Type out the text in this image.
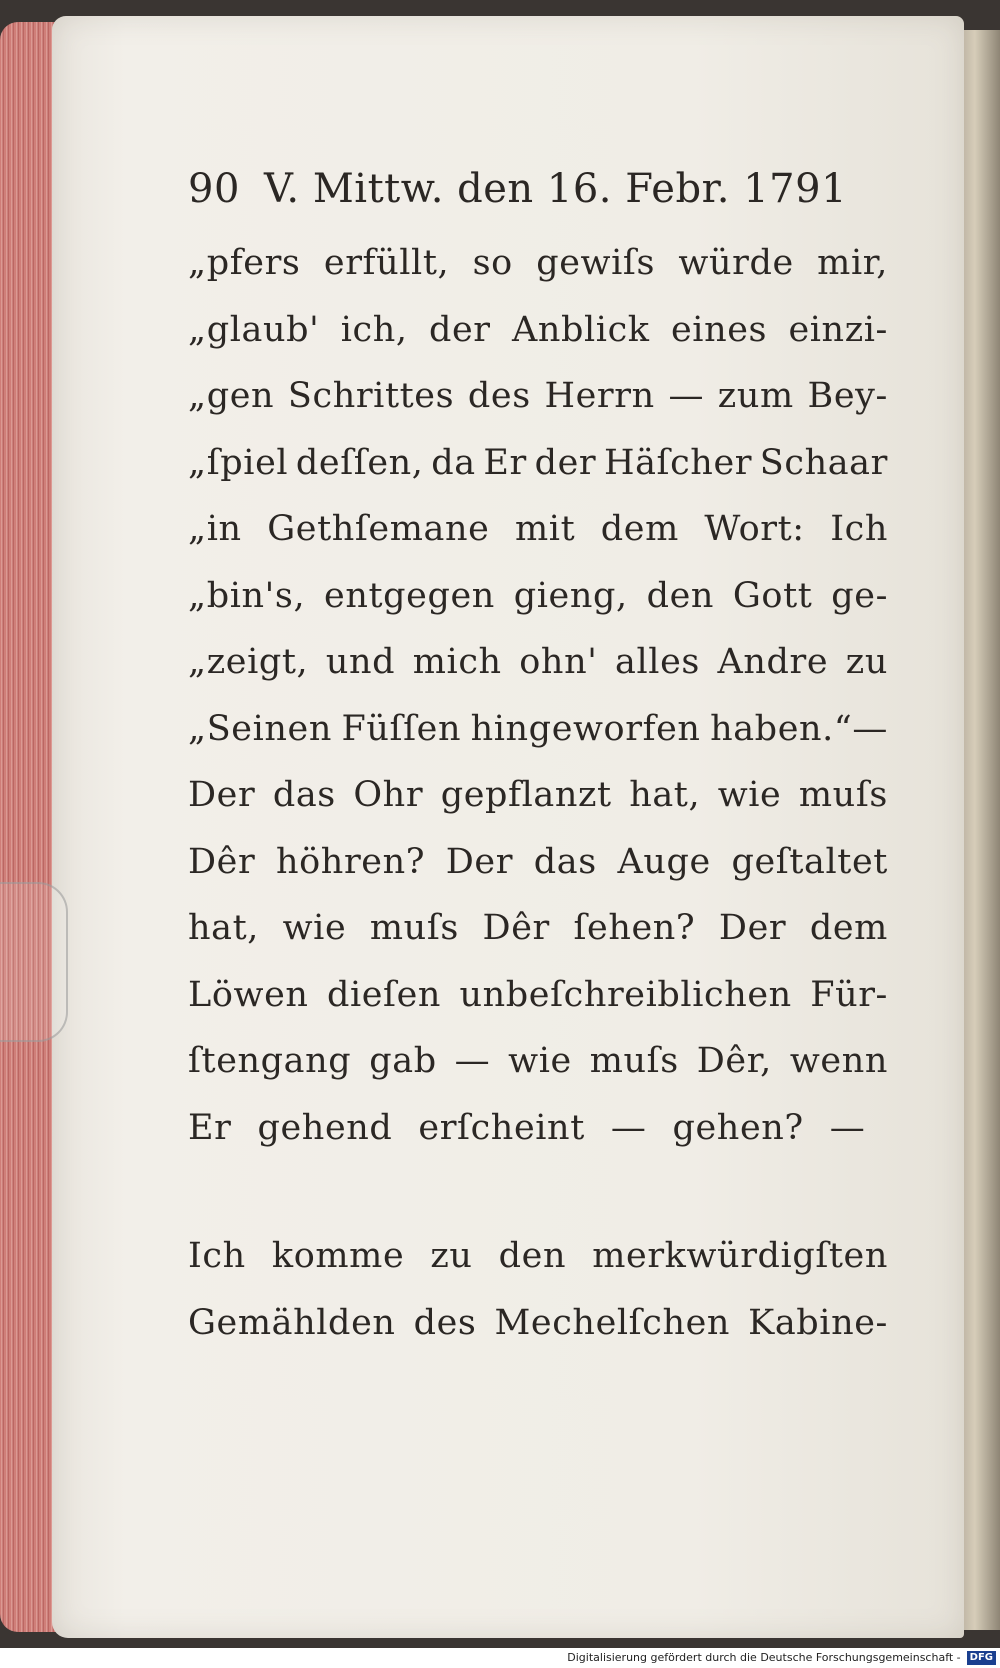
90 V. Mittw. den 16. Febr. 1791
„pfers erfüllt, so gewiſs würde mir,
„glaub' ich, der Anblick eines einzi-
„gen Schrittes des Herrn — zum Bey-
„ſpiel deſſen, da Er der Häſcher Schaar
„in Gethſemane mit dem Wort: Ich
„bin's, entgegen gieng, den Gott ge-
„zeigt, und mich ohn' alles Andre zu
„Seinen Füſſen hingeworfen haben.“—
Der das Ohr gepflanzt hat, wie muſs
Dêr höhren? Der das Auge geſtaltet
hat, wie muſs Dêr ſehen? Der dem
Löwen dieſen unbeſchreiblichen Für-
ſtengang gab — wie muſs Dêr, wenn
Er gehend erſcheint — gehen? —
Ich komme zu den merkwürdigſten
Gemählden des Mechelſchen Kabine-
Digitalisierung gefördert durch die Deutsche Forschungsgemeinschaft - DFG
